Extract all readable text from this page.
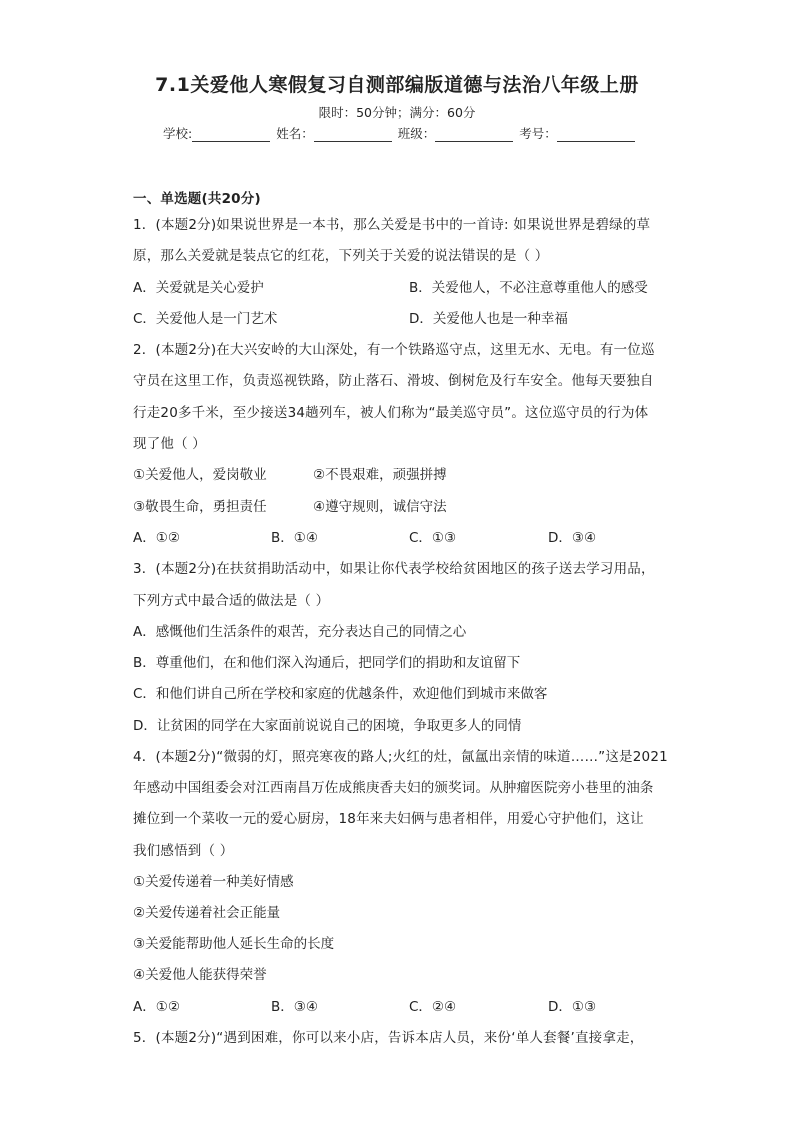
7.1关爱他人寒假复习自测部编版道德与法治八年级上册
限时：50分钟；满分：60分
学校:	姓名：	班级：	考号：
一、单选题(共20分)
1．(本题2分)如果说世界是一本书，那么关爱是书中的一首诗: 如果说世界是碧绿的草
原，那么关爱就是装点它的红花，下列关于关爱的说法错误的是（ ）
A．关爱就是关心爱护	B．关爱他人，不必注意尊重他人的感受
C．关爱他人是一门艺术	D．关爱他人也是一种幸福
2．(本题2分)在大兴安岭的大山深处，有一个铁路巡守点，这里无水、无电。有一位巡
守员在这里工作，负责巡视铁路，防止落石、滑坡、倒树危及行车安全。他每天要独自
行走20多千米，至少接送34趟列车，被人们称为“最美巡守员”。这位巡守员的行为体
现了他（ ）
①关爱他人，爱岗敬业	②不畏艰难，顽强拼搏
③敬畏生命，勇担责任	④遵守规则，诚信守法
A．①②	B．①④	C．①③	D．③④
3．(本题2分)在扶贫捐助活动中，如果让你代表学校给贫困地区的孩子送去学习用品，
下列方式中最合适的做法是（ ）
A．感慨他们生活条件的艰苦，充分表达自己的同情之心
B．尊重他们，在和他们深入沟通后，把同学们的捐助和友谊留下
C．和他们讲自己所在学校和家庭的优越条件，欢迎他们到城市来做客
D．让贫困的同学在大家面前说说自己的困境，争取更多人的同情
4．(本题2分)“微弱的灯，照亮寒夜的路人;火红的灶，氤氲出亲情的味道……”这是2021
年感动中国组委会对江西南昌万佐成熊庚香夫妇的颁奖词。从肿瘤医院旁小巷里的油条
摊位到一个菜收一元的爱心厨房，18年来夫妇俩与患者相伴，用爱心守护他们，这让
我们感悟到（ ）
①关爱传递着一种美好情感
②关爱传递着社会正能量
③关爱能帮助他人延长生命的长度
④关爱他人能获得荣誉
A．①②	B．③④	C．②④	D．①③
5．(本题2分)“遇到困难，你可以来小店，告诉本店人员，来份‘单人套餐’直接拿走，
